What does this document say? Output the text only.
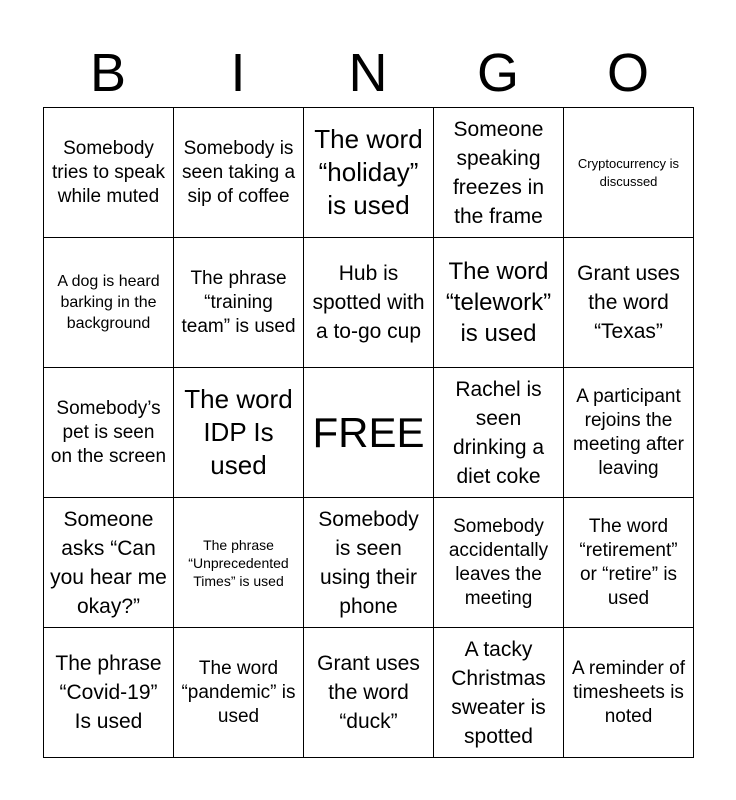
B	I	N	G	O
Somebody tries to speak while muted	Somebody is seen taking a sip of coffee	The word “holiday” is used	Someone speaking freezes in the frame	Cryptocurrency is discussed

A dog is heard barking in the background	The phrase “training team” is used	Hub is spotted with a to-go cup	The word “telework” is used	Grant uses the word “Texas”

Somebody’s pet is seen on the screen	The word IDP Is used	FREE	Rachel is seen drinking a diet coke	A participant rejoins the meeting after leaving

Someone asks “Can you hear me okay?”	The phrase “Unprecedented Times” is used	Somebody is seen using their phone	Somebody accidentally leaves the meeting	The word “retirement” or “retire” is used

The phrase “Covid-19” Is used	The word “pandemic” is used	Grant uses the word “duck”	A tacky Christmas sweater is spotted	A reminder of timesheets is noted
